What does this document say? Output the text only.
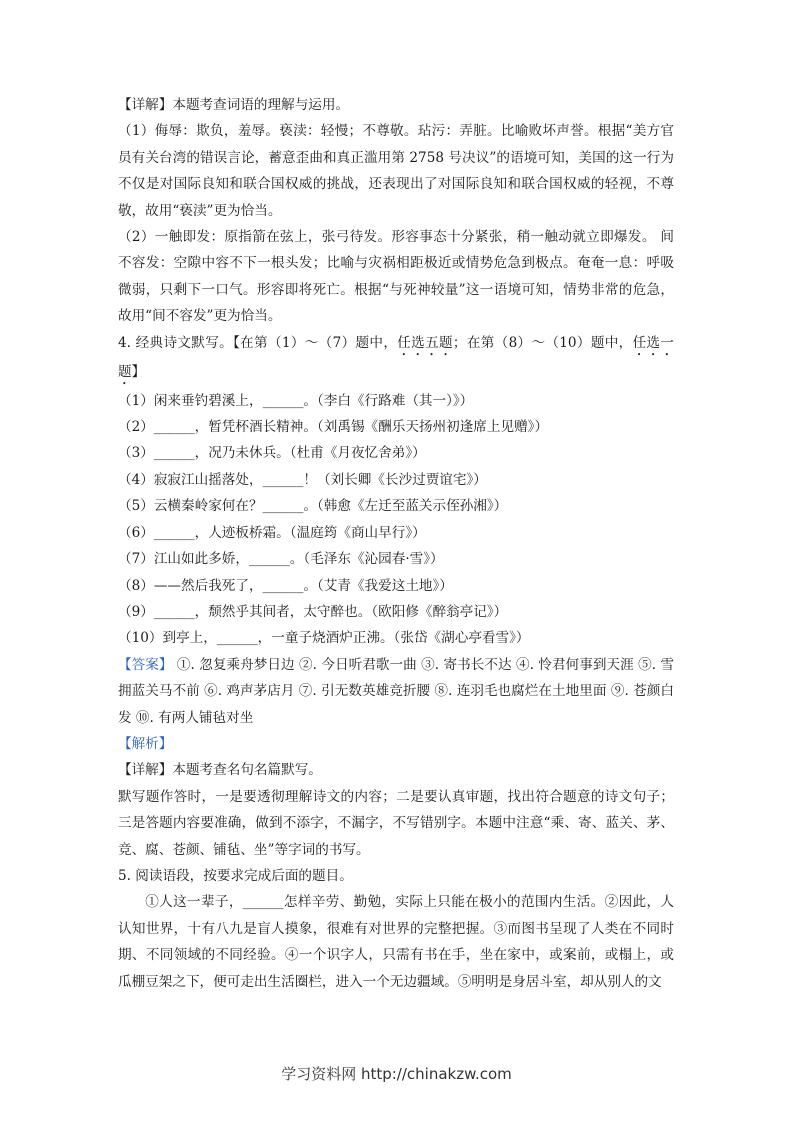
【详解】本题考查词语的理解与运用。

（1）侮辱：欺负，羞辱。亵渎：轻慢；不尊敬。玷污：弄脏。比喻败坏声誉。根据“美方官员有关台湾的错误言论，蓄意歪曲和真正滥用第 2758 号决议”的语境可知，美国的这一行为不仅是对国际良知和联合国权威的挑战，还表现出了对国际良知和联合国权威的轻视，不尊敬，故用“亵渎”更为恰当。

（2）一触即发：原指箭在弦上，张弓待发。形容事态十分紧张，稍一触动就立即爆发。 间不容发：空隙中容不下一根头发；比喻与灾祸相距极近或情势危急到极点。奄奄一息：呼吸微弱，只剩下一口气。形容即将死亡。根据“与死神较量”这一语境可知，情势非常的危急，故用“间不容发”更为恰当。

4. 经典诗文默写。【在第（1）～（7）题中，任选五题；在第（8）～（10）题中，任选一题】

（1）闲来垂钓碧溪上，______。（李白《行路难（其一）》）

（2）______，暂凭杯酒长精神。（刘禹锡《酬乐天扬州初逢席上见赠》）

（3）______，况乃未休兵。（杜甫《月夜忆舍弟》）

（4）寂寂江山摇落处，______！（刘长卿《长沙过贾谊宅》）

（5）云横秦岭家何在？______。（韩愈《左迁至蓝关示侄孙湘》）

（6）______，人迹板桥霜。（温庭筠《商山早行》）

（7）江山如此多娇，______。（毛泽东《沁园春·雪》）

（8）——然后我死了，______。（艾青《我爱这土地》）

（9）______，颓然乎其间者，太守醉也。（欧阳修《醉翁亭记》）

（10）到亭上，______，一童子烧酒炉正沸。（张岱《湖心亭看雪》）

【答案】 ①. 忽复乘舟梦日边 ②. 今日听君歌一曲 ③. 寄书长不达 ④. 怜君何事到天涯 ⑤. 雪拥蓝关马不前 ⑥. 鸡声茅店月 ⑦. 引无数英雄竞折腰 ⑧. 连羽毛也腐烂在土地里面 ⑨. 苍颜白发 ⑩. 有两人铺毡对坐

【解析】

【详解】本题考查名句名篇默写。

默写题作答时，一是要透彻理解诗文的内容；二是要认真审题，找出符合题意的诗文句子；三是答题内容要准确，做到不添字，不漏字，不写错别字。本题中注意“乘、寄、蓝关、茅、竞、腐、苍颜、铺毡、坐”等字词的书写。

5. 阅读语段，按要求完成后面的题目。

①人这一辈子，______怎样辛劳、勤勉，实际上只能在极小的范围内生活。②因此，人认知世界，十有八九是盲人摸象，很难有对世界的完整把握。③而图书呈现了人类在不同时期、不同领域的不同经验。④一个识字人，只需有书在手，坐在家中，或案前，或榻上，或瓜棚豆架之下，便可走出生活圈栏，进入一个无边疆域。⑤明明是身居斗室，却从别人的文

学习资料网 http://chinakzw.com
